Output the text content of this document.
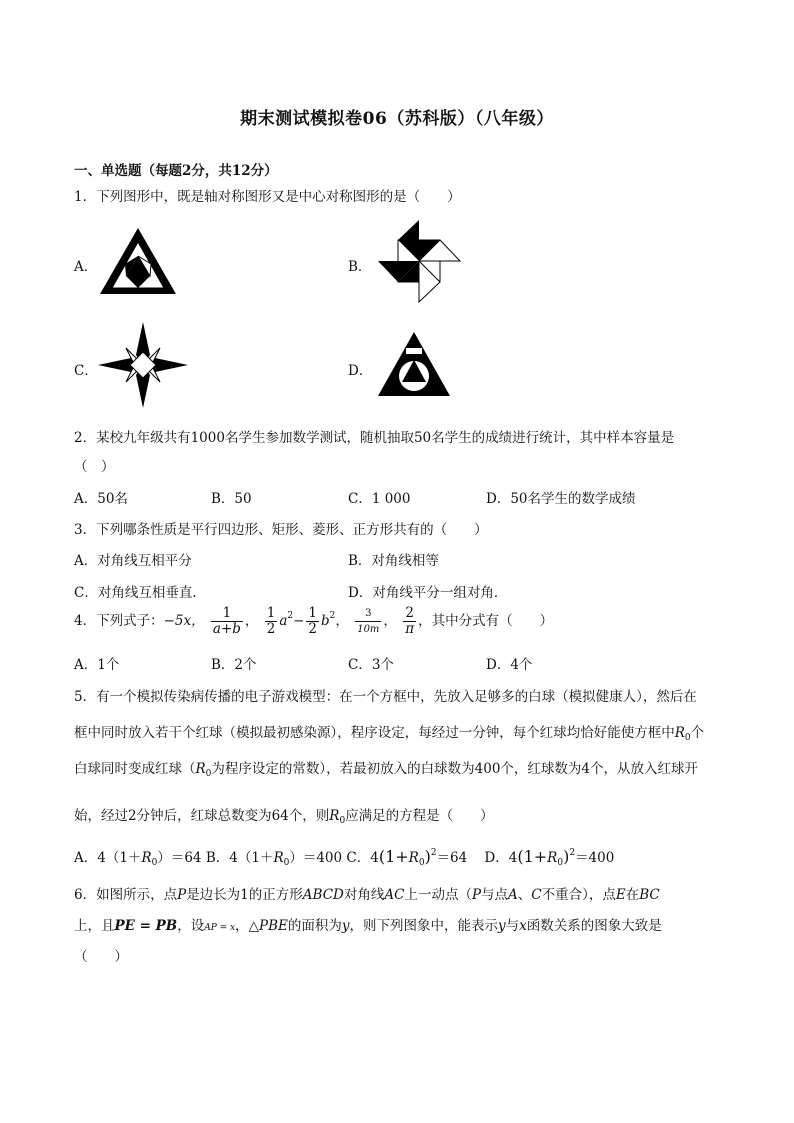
期末测试模拟卷06（苏科版）（八年级）
一、单选题（每题2分，共12分）
1．下列图形中，既是轴对称图形又是中心对称图形的是（　　）
A．	B．
C．	D．
2．某校九年级共有1000名学生参加数学测试，随机抽取50名学生的成绩进行统计，其中样本容量是
（　）
A．50名	B．50	C．1 000	D．50名学生的数学成绩
3．下列哪条性质是平行四边形、矩形、菱形、正方形共有的（　　）
A．对角线互相平分	B．对角线相等
C．对角线互相垂直．	D．对角线平分一组对角．
4．下列式子：−5x， $\frac{1}{a+b}$ ， $\frac{1}{2} a^2- \frac{1}{2} b^2$， $\frac{3}{10m}$ ， $\frac{2}{\pi}$ ，其中分式有（　　）
A．1个	B．2个	C．3个	D．4个
5．有一个模拟传染病传播的电子游戏模型：在一个方框中，先放入足够多的白球（模拟健康人），然后在
框中同时放入若干个红球（模拟最初感染源），程序设定，每经过一分钟，每个红球均恰好能使方框中$R_0$个
白球同时变成红球（$R_0$为程序设定的常数），若最初放入的白球数为400个，红球数为4个，从放入红球开
始，经过2分钟后，红球总数变为64个，则$R_0$应满足的方程是（　　）
A．$4(1+R_0)=64$ B．$4(1+R_0)=400$ C．$4(1+R_0)^2=64$ D．$4(1+R_0)^2=400$
6．如图所示，点P是边长为1的正方形ABCD对角线AC上一动点（P与点A、C不重合），点E在BC
上，且PE = PB，设AP = x，△PBE的面积为y，则下列图象中，能表示y与x函数关系的图象大致是
（　　）
